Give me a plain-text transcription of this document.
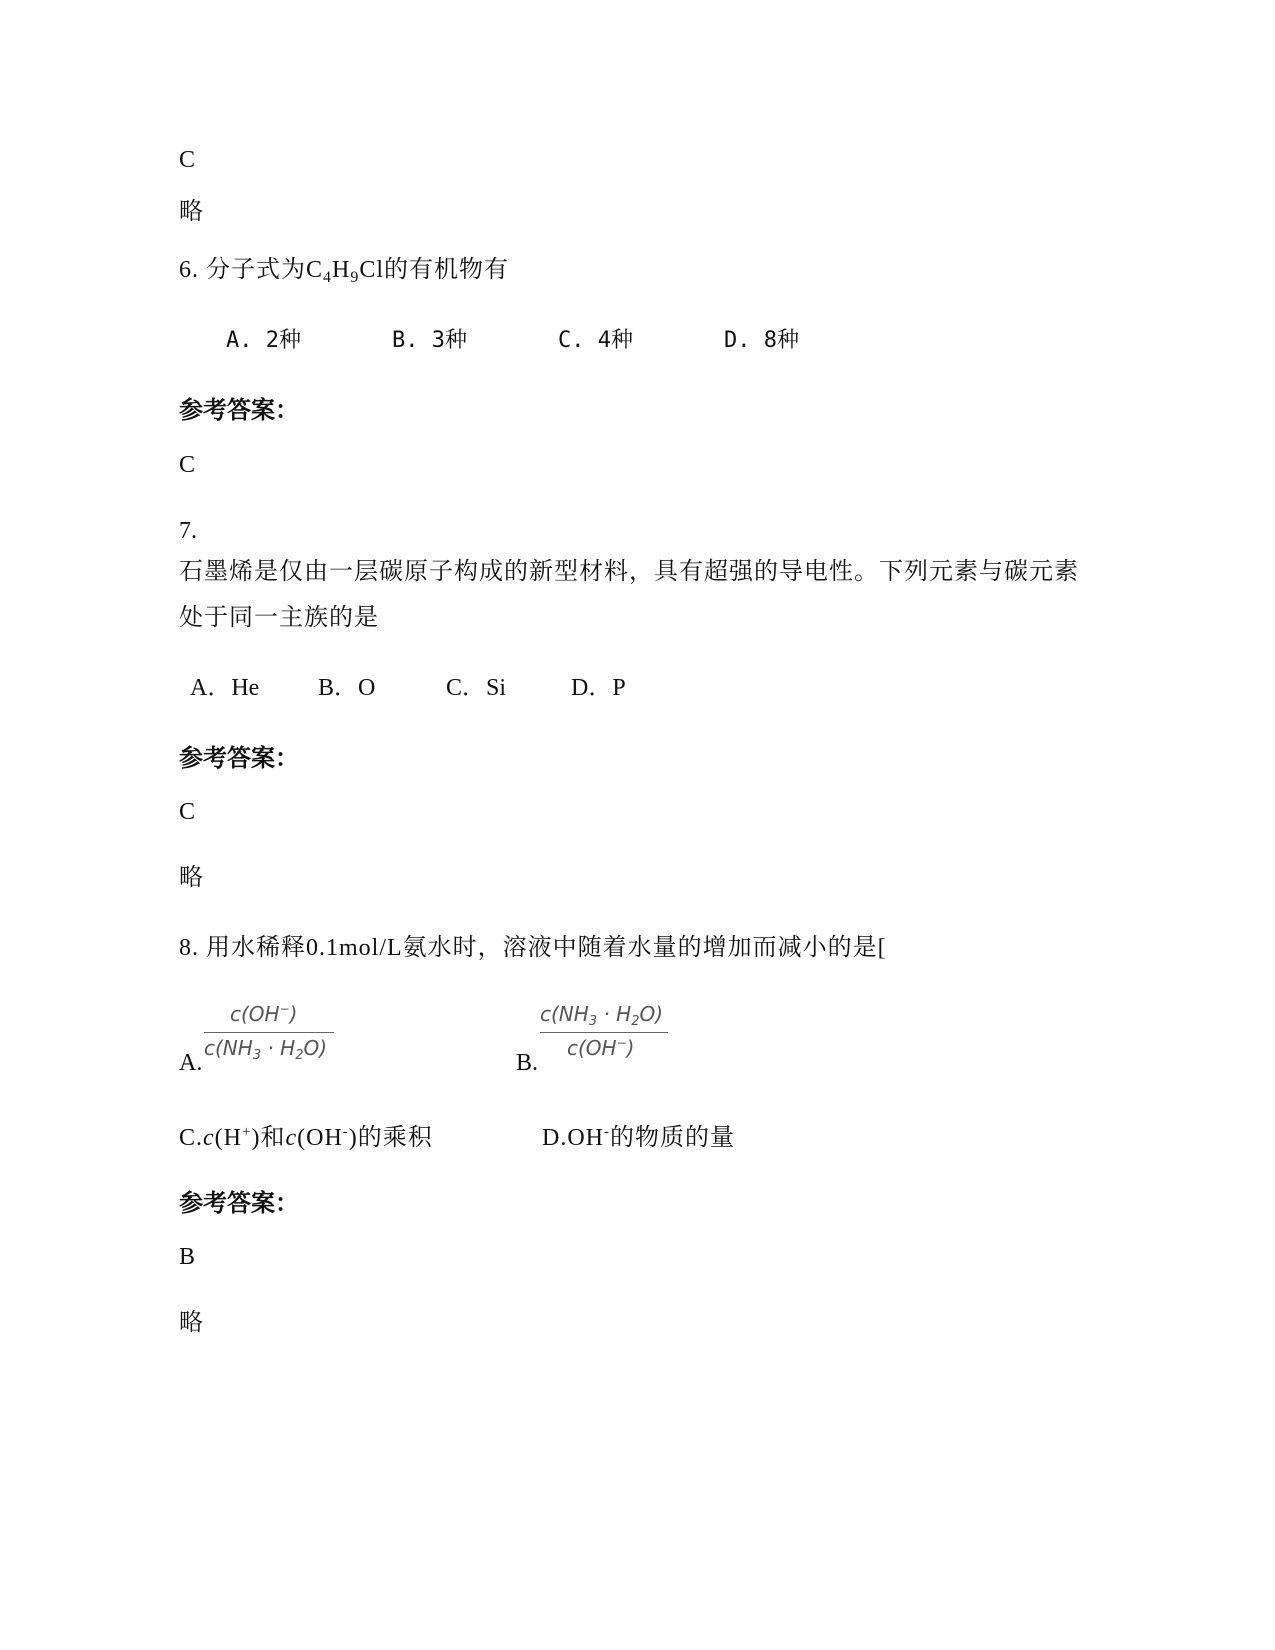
C
略
6. 分子式为$C_4H_9Cl$的有机物有
A. 2种	B. 3种	C. 4种	D. 8种
参考答案：
C
7.
石墨烯是仅由一层碳原子构成的新型材料，具有超强的导电性。下列元素与碳元素
处于同一主族的是
A．He B．O	C．Si	D．P
参考答案：
C
略
8. 用水稀释0.1mol/L氨水时，溶液中随着水量的增加而减小的是[
A.
c(OH−)
$c(NH_3 \cdot H_2O)$
B.
$c(NH_3 \cdot H_2O)$
c(OH−)
C.c(H+)和c(OH-)的乘积	D.OH-的物质的量
参考答案：
B
略
